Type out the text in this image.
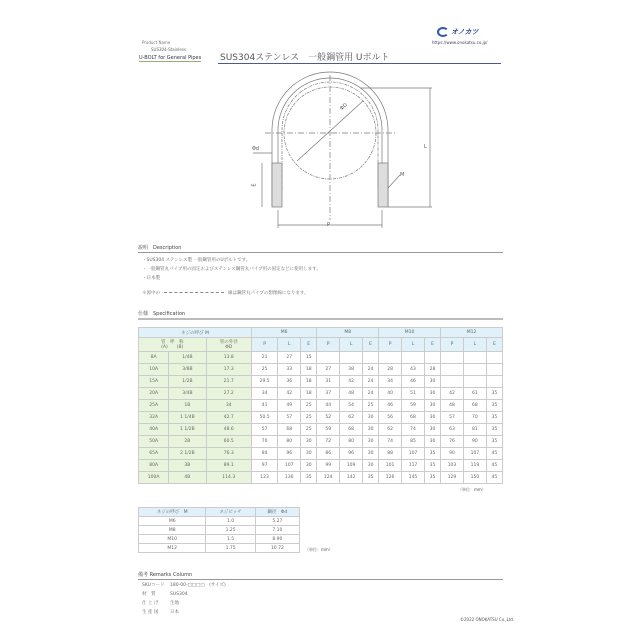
Product Name
SUS304-Stainless
U-BOLT for General Pipes SUS304ステンレス　一般鋼管用 Uボルト
オノカツ
https://www.onokatsu.co.jp/
ΦD
Φd	L
E
P
M
説明　Description
・SUS304 ステンレス製 一般鋼管用のUボルトです。
・一般鋼管丸パイプ用の固定およびステンレス鋼管丸パイプ用の固定などに使用します。
・日本製
＊図中の	線は鋼管丸パイプの想像線になります。
仕様　Specification
ネジの呼び M			M6			M8			M10			M12		
管　呼　称
(A)   (B)		管の外径
ΦD	P	L	E	P	L	E	P	L	E	P	L	E
8A	1/4B	13.8	21	27	15									
10A	3/8B	17.3	25	33	18	27	38	24	28	43	28			
15A	1/2B	21.7	29.5	36	18	31	42	24	34	46	30			
20A	3/4B	27.2	34	42	18	37	48	24	40	51	30	42	61	35
25A	1B	34	41	49	25	44	54	25	46	59	30	48	68	35
32A	1 1/4B	42.7	50.5	57	25	52	62	30	56	68	30	57	70	35
40A	1 1/2B	48.6	57	68	25	59	68	30	62	74	30	63	81	35
50A	2B	60.5	70	80	30	72	80	30	74	85	30	76	90	35
65A	2 1/2B	76.3	84	96	30	86	96	30	88	107	35	90	107	45
80A	3B	89.1	97	107	30	99	109	30	101	117	35	103	119	45
100A	4B	114.3	123	136	35	124	142	35	126	145	35	129	150	45
（単位：mm）
ネジの呼び　M	ネジピッチ	鋼径　Φd
M6	1.0	5.27
M8	1.25	7.10
M10	1.5	8.90
M12	1.75	10.72	（単位：mm）
備考 Remarks Column
SKUコード 180-00-□□□□　(サイズ)
材　質	SUS304
仕 上 げ	生地
生 産 国	日本
©2022 ONOKATSU Co.,Ltd.
